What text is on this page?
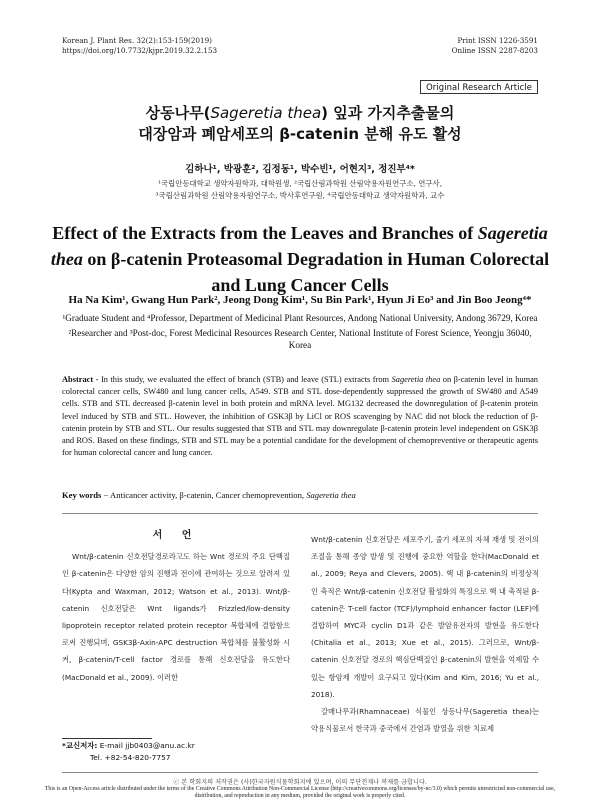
Korean J. Plant Res. 32(2):153-159(2019)
https://doi.org/10.7732/kjpr.2019.32.2.153
Print ISSN 1226-3591
Online ISSN 2287-8203
Original Research Article
상동나무(Sageretia thea) 잎과 가지추출물의
대장암과 폐암세포의 β-catenin 분해 유도 활성
김하나¹, 박광훈², 김정동¹, 박수빈¹, 어현지³, 정진부⁴*
¹국립안동대학교 생약자원학과, 대학원생, ²국립산림과학원 산림약용자원연구소, 연구사,
³국립산림과학원 산림약용자원연구소, 박사후연구원, ⁴국립안동대학교 생약자원학과, 교수
Effect of the Extracts from the Leaves and Branches of Sageretia thea on β-catenin Proteasomal Degradation in Human Colorectal and Lung Cancer Cells
Ha Na Kim¹, Gwang Hun Park², Jeong Dong Kim¹, Su Bin Park¹, Hyun Ji Eo³ and Jin Boo Jeong⁴*

¹Graduate Student and ⁴Professor, Department of Medicinal Plant Resources, Andong National University, Andong 36729, Korea

²Researcher and ³Post-doc, Forest Medicinal Resources Research Center, National Institute of Forest Science, Yeongju 36040, Korea

Abstract - In this study, we evaluated the effect of branch (STB) and leave (STL) extracts from Sageretia thea on β-catenin level in human colorectal cancer cells, SW480 and lung cancer cells, A549. STB and STL dose-dependently suppressed the growth of SW480 and A549 cells. STB and STL decreased β-catenin level in both protein and mRNA level. MG132 decreased the downregulation of β-catenin protein level induced by STB and STL. However, the inhibition of GSK3β by LiCl or ROS scavenging by NAC did not block the reduction of β-catenin protein by STB and STL. Our results suggested that STB and STL may downregulate β-catenin protein level independent on GSK3β and ROS. Based on these findings, STB and STL may be a potential candidate for the development of chemopreventive or therapeutic agents for human colorectal cancer and lung cancer.
Key words − Anticancer activity, β-catenin, Cancer chemoprevention, Sageretia thea
서 언

Wnt/β-catenin 신호전달경로라고도 하는 Wnt 경로의 주요 단백질인 β-catenin은 다양한 암의 진행과 전이에 관여하는 것으로 알려져 있다(Kypta and Waxman, 2012; Watson et al., 2013). Wnt/β-catenin 신호전달은 Wnt ligands가 Frizzled/low-density lipoprotein receptor related protein receptor 복합체에 결합함으로써 진행되며, GSK3β-Axin-APC destruction 복합체를 불활성화 시켜, β-catenin/T-cell factor 경로를 통해 신호전달을 유도한다(MacDonald et al., 2009). 이러한

Wnt/β-catenin 신호전달은 세포주기, 줄기 세포의 자체 재생 및 전이의 조절을 통해 종양 발생 및 진행에 중요한 역할을 한다(MacDonald et al., 2009; Reya and Clevers, 2005). 핵 내 β-catenin의 비정상적인 축적은 Wnt/β-catenin 신호전달 활성화의 특징으로 핵 내 축적된 β-catenin은 T-cell factor (TCF)/lymphoid enhancer factor (LEF)에 결합하여 MYC과 cyclin D1과 같은 발암유전자의 발현을 유도한다(Chitalia et al., 2013; Xue et al., 2015). 그러므로, Wnt/β-catenin 신호전달 경로의 핵심단백질인 β-catenin의 발현을 억제할 수 있는 항암제 개발이 요구되고 있다(Kim and Kim, 2016; Yu et al., 2018).

갈매나무과(Rhamnaceae) 식물인 상동나무(Sageretia thea)는 약용식물로서 한국과 중국에서 간염과 발열을 위한 치료제

*교신저자: E-mail jjb0403@anu.ac.kr
Tel. +82-54-820-7757
ⓒ 본 학회지의 저작권은 (사)한국자원식물학회지에 있으며, 이의 무단전재나 복제를 금합니다.
This is an Open-Access article distributed under the terms of the Creative Commons Attribution Non-Commercial License (http://creativecommons.org/licenses/by-nc/3.0) which permits unrestricted non-commercial use, distribution, and reproduction in any medium, provided the original work is properly cited.
